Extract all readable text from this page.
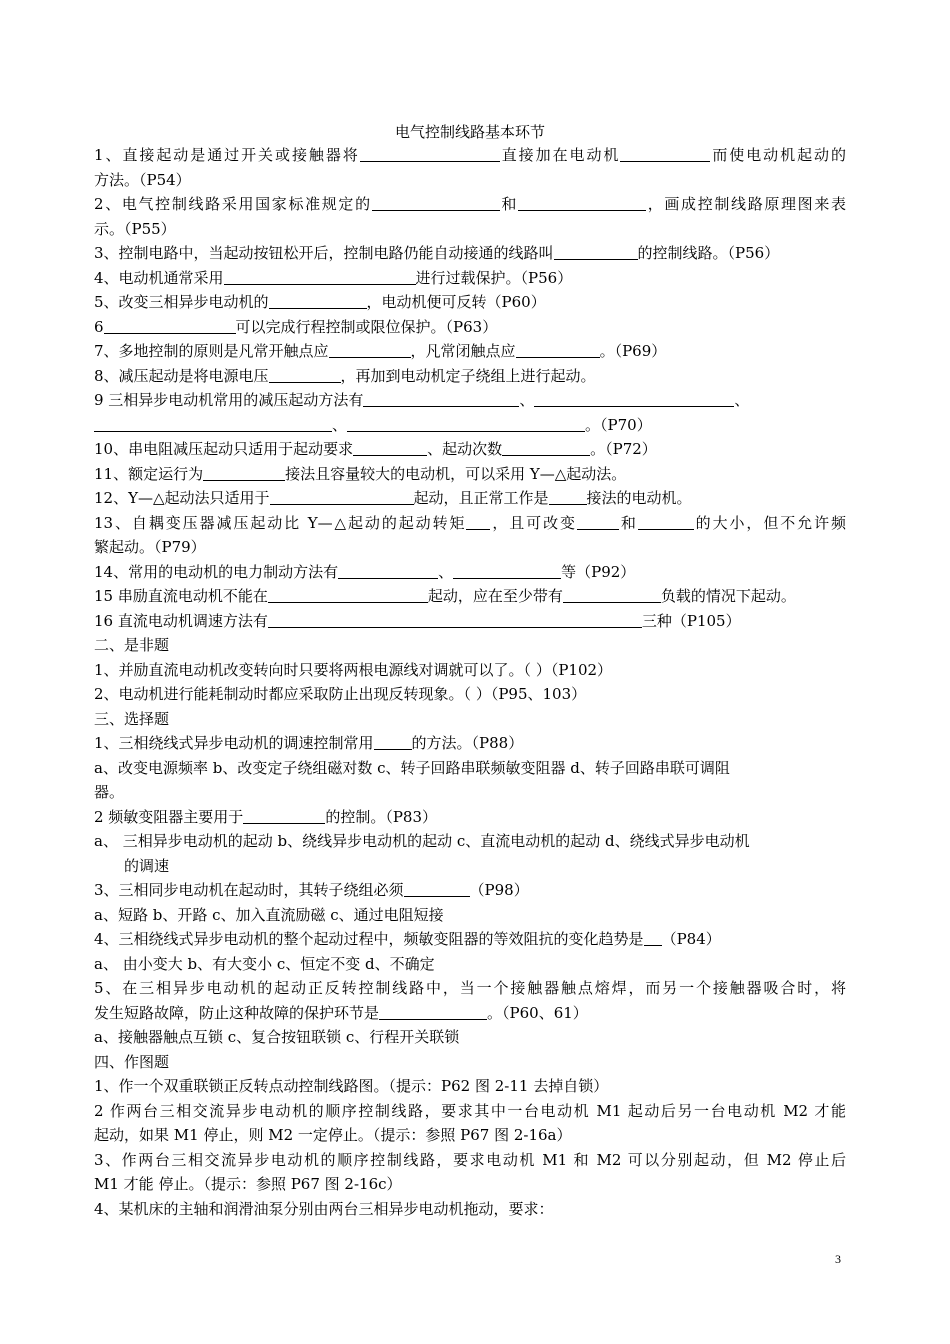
电气控制线路基本环节

1、直接起动是通过开关或接触器将	直接加在电动机	而使电动机起动的

方法。（P54）

2、电气控制线路采用国家标准规定的	和	，画成控制线路原理图来表

示。（P55）

3、控制电路中，当起动按钮松开后，控制电路仍能自动接通的线路叫	的控制线路。（P56）

4、电动机通常采用	进行过载保护。（P56）

5、改变三相异步电动机的	，电动机便可反转（P60）

6	可以完成行程控制或限位保护。（P63）

7、多地控制的原则是凡常开触点应	，凡常闭触点应	。（P69）

8、减压起动是将电源电压	，再加到电动机定子绕组上进行起动。

9 三相异步电动机常用的减压起动方法有	、	、

、	。（P70）

10、串电阻减压起动只适用于起动要求	、起动次数	。（P72）

11、额定运行为	接法且容量较大的电动机，可以采用 Y—△起动法。

12、Y—△起动法只适用于	起动，且正常工作是	接法的电动机。

13、自耦变压器减压起动比 Y—△起动的起动转矩 ，且可改变	和	的大小，但不允许频

繁起动。（P79）

14、常用的电动机的电力制动方法有	、	等（P92）

15 串励直流电动机不能在	起动，应在至少带有	负载的情况下起动。

16 直流电动机调速方法有	三种（P105）

二、是非题

1、并励直流电动机改变转向时只要将两根电源线对调就可以了。（ ）（P102）

2、电动机进行能耗制动时都应采取防止出现反转现象。（ ）（P95、103）

三、选择题

1、三相绕线式异步电动机的调速控制常用	的方法。（P88）

a、改变电源频率 b、改变定子绕组磁对数 c、转子回路串联频敏变阻器 d、转子回路串联可调阻

器。

2 频敏变阻器主要用于	的控制。（P83）

a、 三相异步电动机的起动 b、绕线异步电动机的起动 c、直流电动机的起动 d、绕线式异步电动机

的调速

3、三相同步电动机在起动时，其转子绕组必须	（P98）

a、短路 b、开路 c、加入直流励磁 c、通过电阻短接

4、三相绕线式异步电动机的整个起动过程中，频敏变阻器的等效阻抗的变化趋势是 （P84）

a、 由小变大 b、有大变小 c、恒定不变 d、不确定

5、在三相异步电动机的起动正反转控制线路中，当一个接触器触点熔焊，而另一个接触器吸合时，将

发生短路故障，防止这种故障的保护环节是	。（P60、61）

a、接触器触点互锁 c、复合按钮联锁 c、行程开关联锁

四、作图题

1、作一个双重联锁正反转点动控制线路图。（提示：P62 图 2-11 去掉自锁）

2 作两台三相交流异步电动机的顺序控制线路，要求其中一台电动机 M1 起动后另一台电动机 M2 才能

起动，如果 M1 停止，则 M2 一定停止。（提示：参照 P67 图 2-16a）

3、作两台三相交流异步电动机的顺序控制线路，要求电动机 M1 和 M2 可以分别起动，但 M2 停止后

M1 才能 停止。（提示：参照 P67 图 2-16c）

4、某机床的主轴和润滑油泵分别由两台三相异步电动机拖动，要求：

3
